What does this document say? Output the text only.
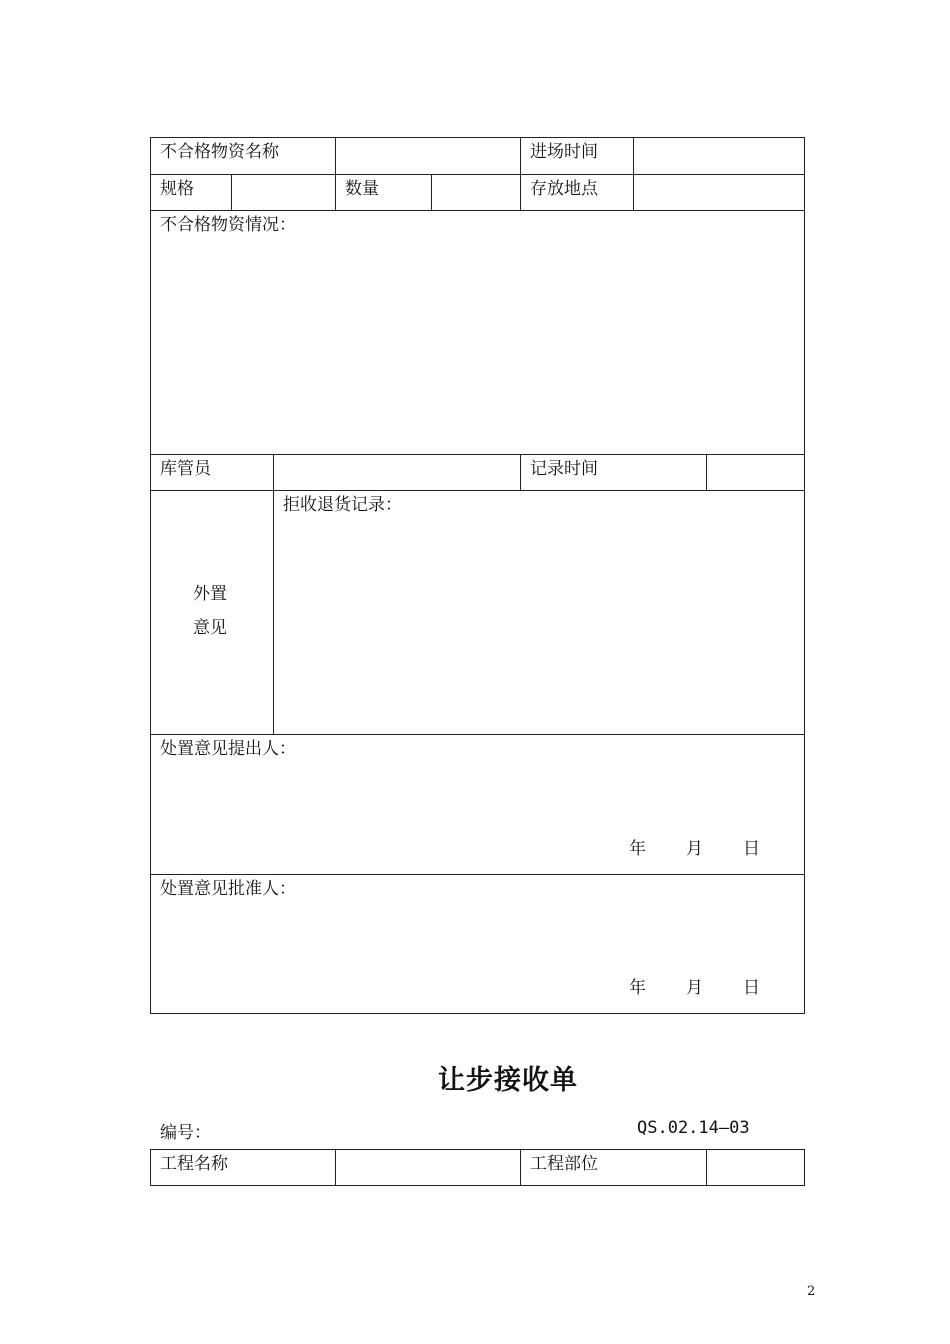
不合格物资名称	进场时间
规格	数量	存放地点
不合格物资情况：
库管员	记录时间
外置
意见
拒收退货记录：
处置意见提出人：
年 月 日
处置意见批准人：
年 月 日
让步接收单
编号：	QS.02.14—03
工程名称	工程部位
2
